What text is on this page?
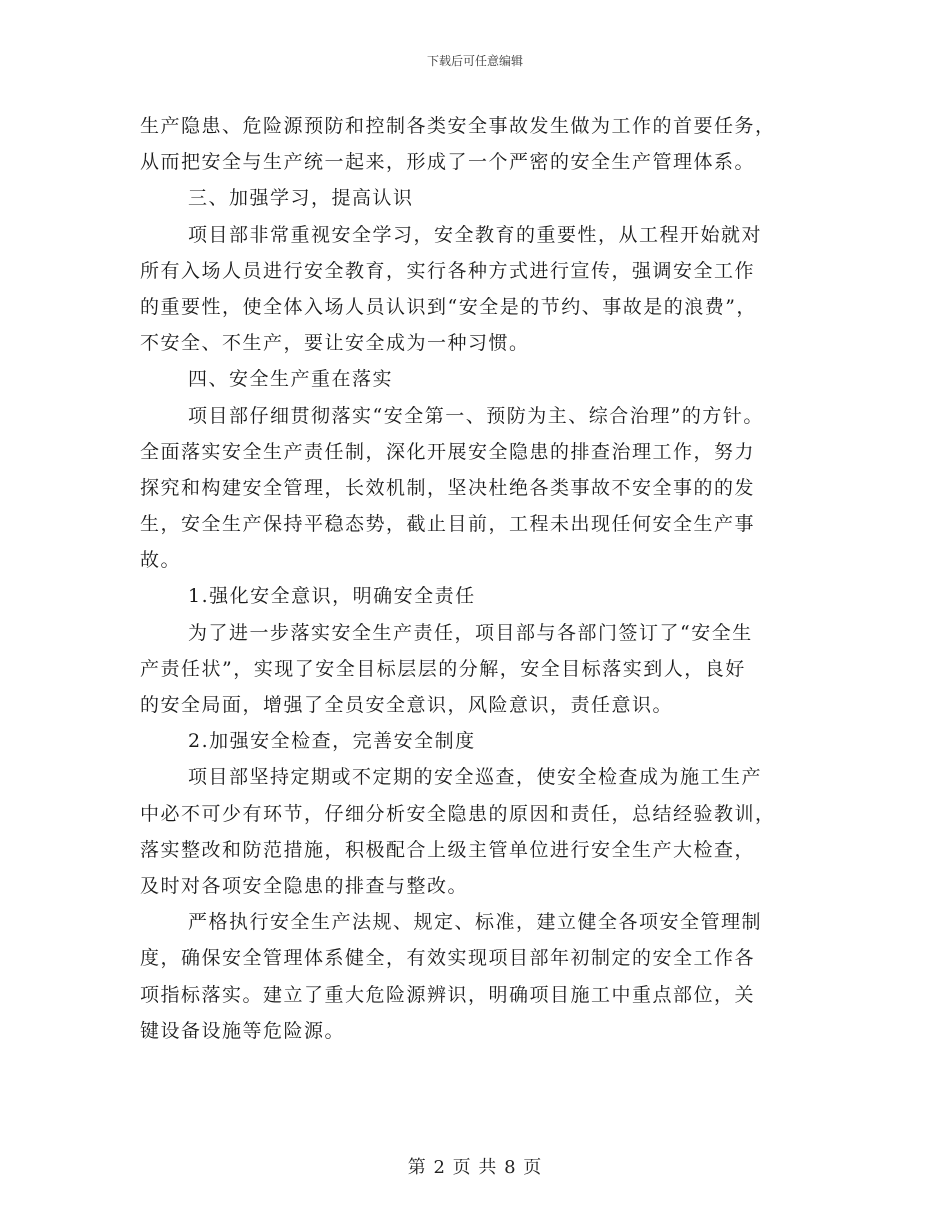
下载后可任意编辑
生产隐患、危险源预防和控制各类安全事故发生做为工作的首要任务，
从而把安全与生产统一起来，形成了一个严密的安全生产管理体系。
三、加强学习，提高认识
项目部非常重视安全学习，安全教育的重要性，从工程开始就对
所有入场人员进行安全教育，实行各种方式进行宣传，强调安全工作
的重要性，使全体入场人员认识到“安全是的节约、事故是的浪费”，
不安全、不生产，要让安全成为一种习惯。
四、安全生产重在落实
项目部仔细贯彻落实“安全第一、预防为主、综合治理”的方针。
全面落实安全生产责任制，深化开展安全隐患的排查治理工作，努力
探究和构建安全管理，长效机制，坚决杜绝各类事故不安全事的的发
生，安全生产保持平稳态势，截止目前，工程未出现任何安全生产事
故。
1.强化安全意识，明确安全责任
为了进一步落实安全生产责任，项目部与各部门签订了“安全生
产责任状”，实现了安全目标层层的分解，安全目标落实到人，良好
的安全局面，增强了全员安全意识，风险意识，责任意识。
2.加强安全检查，完善安全制度
项目部坚持定期或不定期的安全巡查，使安全检查成为施工生产
中必不可少有环节，仔细分析安全隐患的原因和责任，总结经验教训，
落实整改和防范措施，积极配合上级主管单位进行安全生产大检查，
及时对各项安全隐患的排查与整改。
严格执行安全生产法规、规定、标准，建立健全各项安全管理制
度，确保安全管理体系健全，有效实现项目部年初制定的安全工作各
项指标落实。建立了重大危险源辨识，明确项目施工中重点部位，关
键设备设施等危险源。
第 2 页 共 8 页
